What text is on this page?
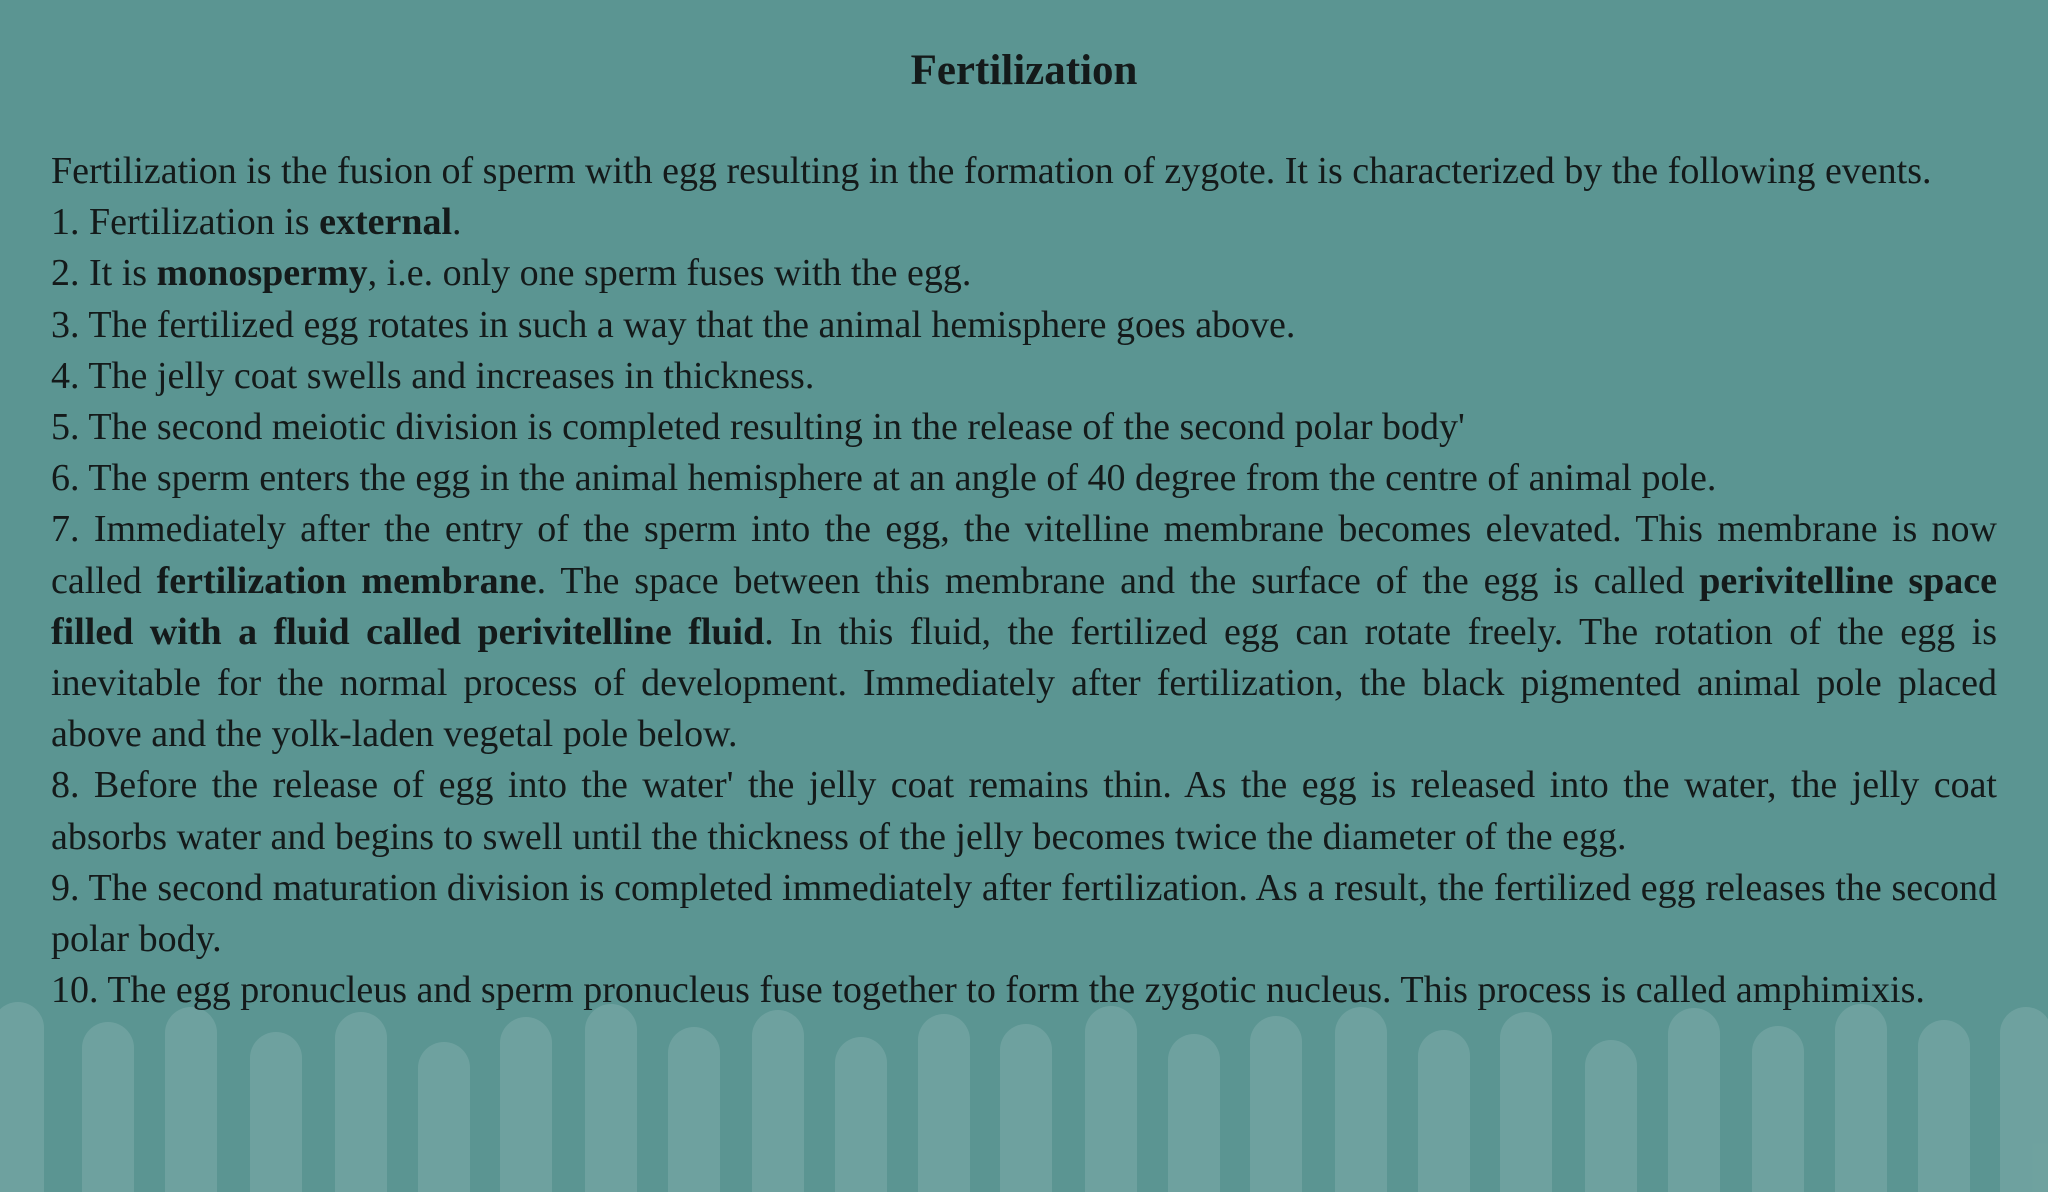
Fertilization

Fertilization is the fusion of sperm with egg resulting in the formation of zygote. It is characterized by the following events.

1. Fertilization is external.

2. It is monospermy, i.e. only one sperm fuses with the egg.

3. The fertilized egg rotates in such a way that the animal hemisphere goes above.

4. The jelly coat swells and increases in thickness.

5. The second meiotic division is completed resulting in the release of the second polar body'

6. The sperm enters the egg in the animal hemisphere at an angle of 40 degree from the centre of animal pole.

7. Immediately after the entry of the sperm into the egg, the vitelline membrane becomes elevated. This membrane is now called fertilization membrane. The space between this membrane and the surface of the egg is called perivitelline space filled with a fluid called perivitelline fluid. In this fluid, the fertilized egg can rotate freely. The rotation of the egg is inevitable for the normal process of development. Immediately after fertilization, the black pigmented animal pole placed above and the yolk-laden vegetal pole below.

8. Before the release of egg into the water' the jelly coat remains thin. As the egg is released into the water, the jelly coat absorbs water and begins to swell until the thickness of the jelly becomes twice the diameter of the egg.

9. The second maturation division is completed immediately after fertilization. As a result, the fertilized egg releases the second polar body.

10. The egg pronucleus and sperm pronucleus fuse together to form the zygotic nucleus. This process is called amphimixis.
